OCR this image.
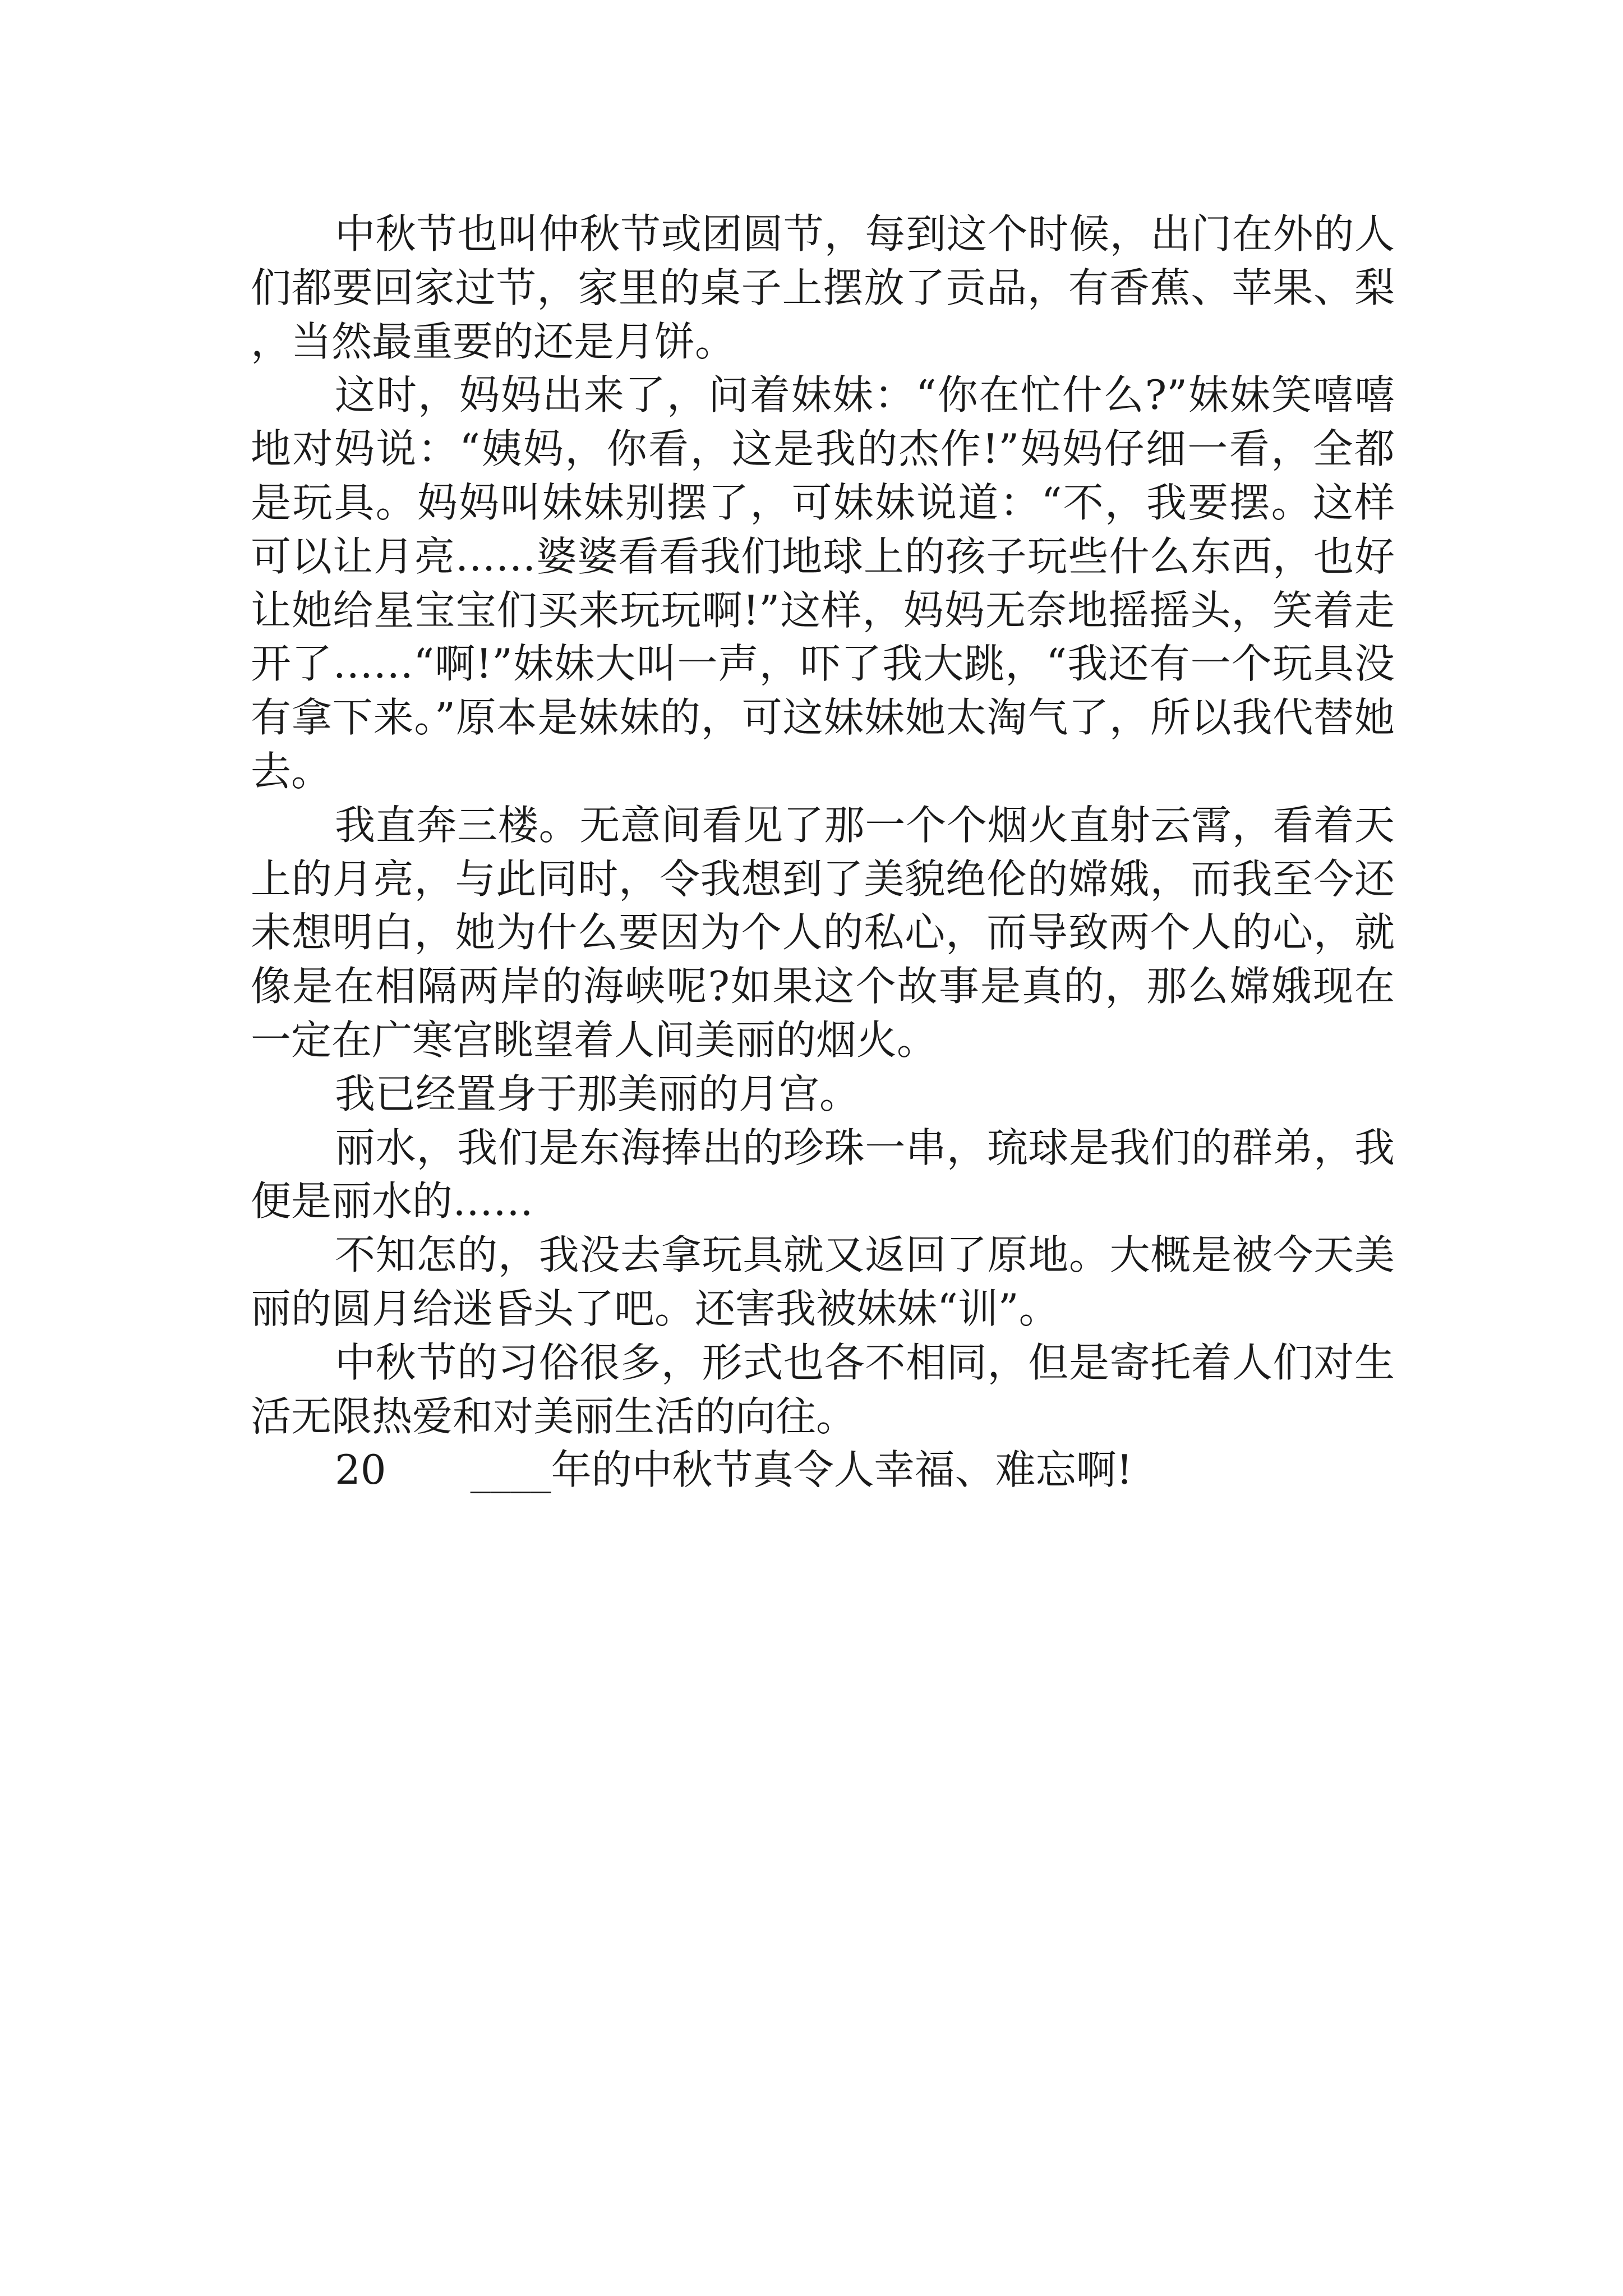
中秋节也叫仲秋节或团圆节，每到这个时候，出门在外的人们都要回家过节，家里的桌子上摆放了贡品，有香蕉、苹果、梨，当然最重要的还是月饼。

这时，妈妈出来了，问着妹妹：“你在忙什么?”妹妹笑嘻嘻地对妈说：“姨妈，你看，这是我的杰作!”妈妈仔细一看，全都是玩具。妈妈叫妹妹别摆了，可妹妹说道：“不，我要摆。这样可以让月亮……婆婆看看我们地球上的孩子玩些什么东西，也好让她给星宝宝们买来玩玩啊!”这样，妈妈无奈地摇摇头，笑着走开了……“啊!”妹妹大叫一声，吓了我大跳，“我还有一个玩具没有拿下来。”原本是妹妹的，可这妹妹她太淘气了，所以我代替她去。

我直奔三楼。无意间看见了那一个个烟火直射云霄，看着天上的月亮，与此同时，令我想到了美貌绝伦的嫦娥，而我至今还未想明白，她为什么要因为个人的私心，而导致两个人的心，就像是在相隔两岸的海峡呢?如果这个故事是真的，那么嫦娥现在一定在广寒宫眺望着人间美丽的烟火。

我已经置身于那美丽的月宫。

丽水，我们是东海捧出的珍珠一串，琉球是我们的群弟，我便是丽水的……

不知怎的，我没去拿玩具就又返回了原地。大概是被今天美丽的圆月给迷昏头了吧。还害我被妹妹“训”。

中秋节的习俗很多，形式也各不相同，但是寄托着人们对生活无限热爱和对美丽生活的向往。

20 ____年的中秋节真令人幸福、难忘啊!
